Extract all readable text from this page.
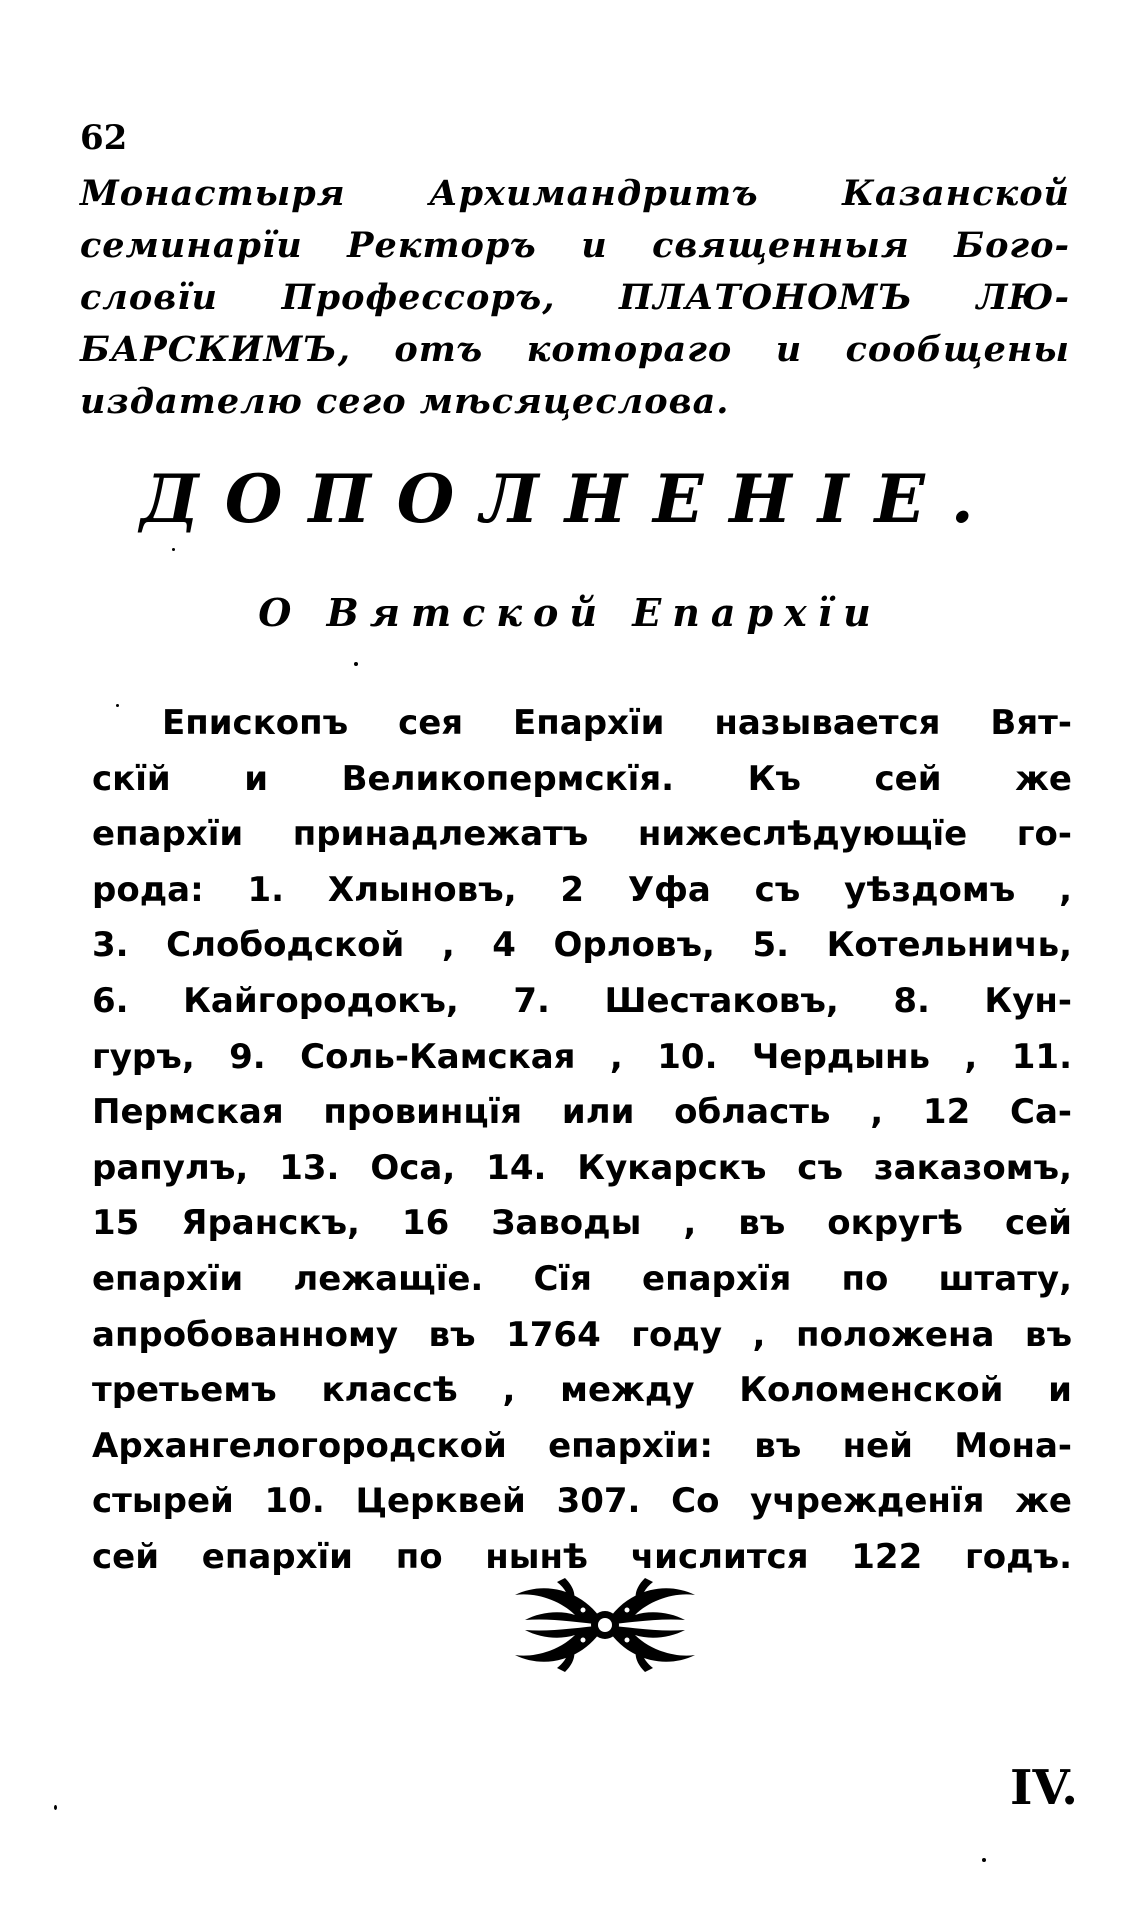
62
Монастыря Архимандритъ Казанской
семинарїи Ректоръ и священныя Бого-
словїи Профессоръ, ПЛАТОНОМЪ ЛЮ-
БАРСКИМЪ, отъ котораго и сообщены
издателю сего мѣсяцеслова.
ДОПОЛНЕНIЕ.
О Вятской Епархїи
Епископъ сея Епархїи называется Вят-
скїй и Великопермскїя. Къ сей же
епархїи принадлежатъ нижеслѣдующїе го-
рода: 1. Хлыновъ, 2 Уфа съ уѣздомъ ,
3. Слободской , 4 Орловъ, 5. Котельничь,
6. Кайгородокъ, 7. Шестаковъ, 8. Кун-
гуръ, 9. Соль-Камская , 10. Чердынь , 11.
Пермская провинцїя или область , 12 Са-
рапулъ, 13. Оса, 14. Кукарскъ съ заказомъ,
15 Яранскъ, 16 Заводы , въ округѣ сей
епархїи лежащїе. Сїя епархїя по штату,
апробованному въ 1764 году , положена въ
третьемъ классѣ , между Коломенской и
Архангелогородской епархїи: въ ней Мона-
стырей 10. Церквей 307. Со учрежденїя же
сей епархїи по нынѣ числится 122 годъ.
IV.
